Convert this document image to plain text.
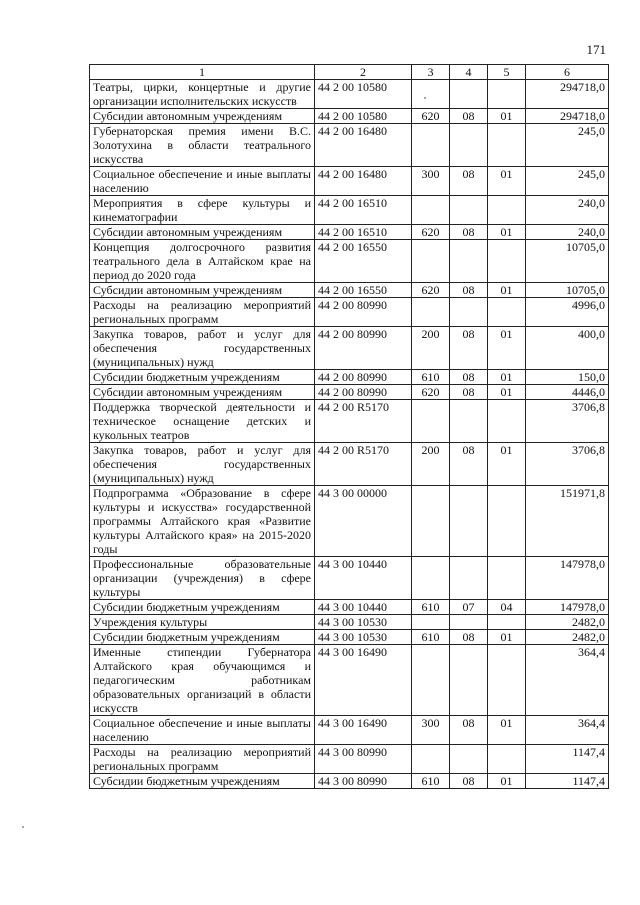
171
1	2	3	4	5	6
Театры, цирки, концертные и другие организации исполнительских искусств	44 2 00 10580				294718,0
Субсидии автономным учреждениям	44 2 00 10580	620	08	01	294718,0
Губернаторская премия имени В.С. Золотухина в области театрального искусства	44 2 00 16480				245,0
Социальное обеспечение и иные выплаты населению	44 2 00 16480	300	08	01	245,0
Мероприятия в сфере культуры и кинематографии	44 2 00 16510				240,0
Субсидии автономным учреждениям	44 2 00 16510	620	08	01	240,0
Концепция долгосрочного развития театрального дела в Алтайском крае на период до 2020 года	44 2 00 16550				10705,0
Субсидии автономным учреждениям	44 2 00 16550	620	08	01	10705,0
Расходы на реализацию мероприятий региональных программ	44 2 00 80990				4996,0
Закупка товаров, работ и услуг для обеспечения государственных (муниципальных) нужд	44 2 00 80990	200	08	01	400,0
Субсидии бюджетным учреждениям	44 2 00 80990	610	08	01	150,0
Субсидии автономным учреждениям	44 2 00 80990	620	08	01	4446,0
Поддержка творческой деятельности и техническое оснащение детских и кукольных театров	44 2 00 R5170				3706,8
Закупка товаров, работ и услуг для обеспечения государственных (муниципальных) нужд	44 2 00 R5170	200	08	01	3706,8
Подпрограмма «Образование в сфере культуры и искусства» государственной программы Алтайского края «Развитие культуры Алтайского края» на 2015-2020 годы	44 3 00 00000				151971,8
Профессиональные образовательные организации (учреждения) в сфере культуры	44 3 00 10440				147978,0
Субсидии бюджетным учреждениям	44 3 00 10440	610	07	04	147978,0
Учреждения культуры	44 3 00 10530				2482,0
Субсидии бюджетным учреждениям	44 3 00 10530	610	08	01	2482,0
Именные стипендии Губернатора Алтайского края обучающимся и педагогическим работникам образовательных организаций в области искусств	44 3 00 16490				364,4
Социальное обеспечение и иные выплаты населению	44 3 00 16490	300	08	01	364,4
Расходы на реализацию мероприятий региональных программ	44 3 00 80990				1147,4
Субсидии бюджетным учреждениям	44 3 00 80990	610	08	01	1147,4
